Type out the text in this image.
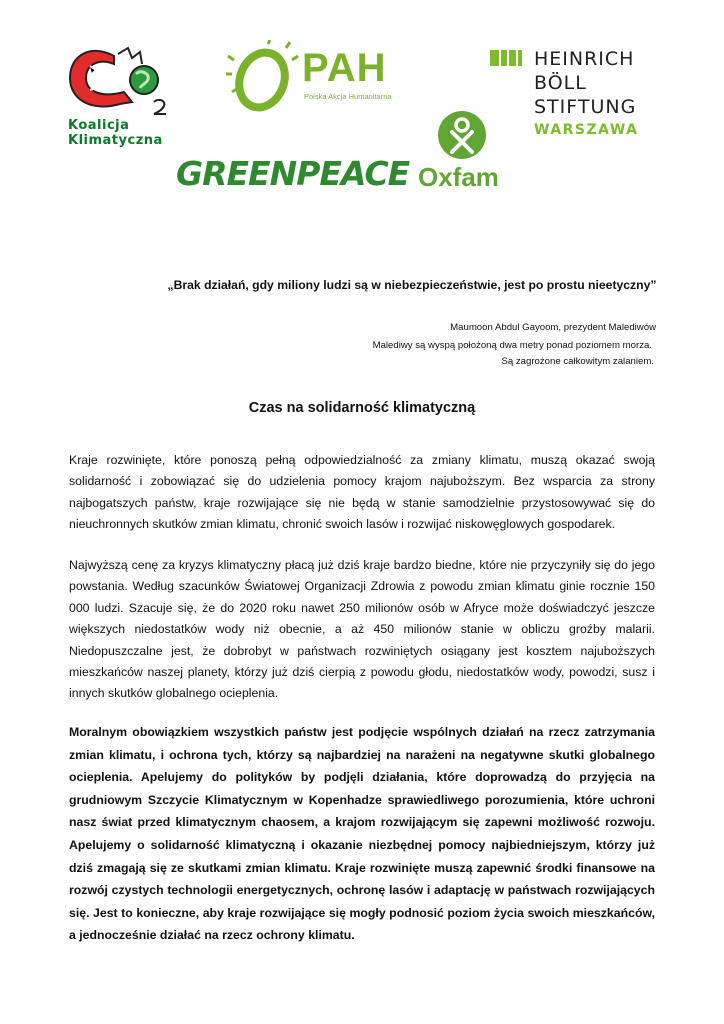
Koalicja Klimatyczna
PAH
Polska Akcja Humanitarna
HEINRICH
BÖLL
STIFTUNG
WARSZAWA
GREENPEACE Oxfam
„Brak działań, gdy miliony ludzi są w niebezpieczeństwie, jest po prostu nieetyczny”
Maumoon Abdul Gayoom, prezydent Malediwów
Malediwy są wyspą położoną dwa metry ponad poziomem morza.
Są zagrożone całkowitym zalaniem.
Czas na solidarność klimatyczną
Kraje rozwinięte, które ponoszą pełną odpowiedzialność za zmiany klimatu, muszą okazać swoją solidarność i zobowiązać się do udzielenia pomocy krajom najuboższym. Bez wsparcia za strony najbogatszych państw, kraje rozwijające się nie będą w stanie samodzielnie przystosowywać się do nieuchronnych skutków zmian klimatu, chronić swoich lasów i rozwijać niskowęglowych gospodarek.
Najwyższą cenę za kryzys klimatyczny płacą już dziś kraje bardzo biedne, które nie przyczyniły się do jego powstania. Według szacunków Światowej Organizacji Zdrowia z powodu zmian klimatu ginie rocznie 150 000 ludzi. Szacuje się, że do 2020 roku nawet 250 milionów osób w Afryce może doświadczyć jeszcze większych niedostatków wody niż obecnie, a aż 450 milionów stanie w obliczu groźby malarii. Niedopuszczalne jest, że dobrobyt w państwach rozwiniętych osiągany jest kosztem najuboższych mieszkańców naszej planety, którzy już dziś cierpią z powodu głodu, niedostatków wody, powodzi, susz i innych skutków globalnego ocieplenia.
Moralnym obowiązkiem wszystkich państw jest podjęcie wspólnych działań na rzecz zatrzymania zmian klimatu, i ochrona tych, którzy są najbardziej na narażeni na negatywne skutki globalnego ocieplenia. Apelujemy do polityków by podjęli działania, które doprowadzą do przyjęcia na grudniowym Szczycie Klimatycznym w Kopenhadze sprawiedliwego porozumienia, które uchroni nasz świat przed klimatycznym chaosem, a krajom rozwijającym się zapewni możliwość rozwoju. Apelujemy o solidarność klimatyczną i okazanie niezbędnej pomocy najbiedniejszym, którzy już dziś zmagają się ze skutkami zmian klimatu. Kraje rozwinięte muszą zapewnić środki finansowe na rozwój czystych technologii energetycznych, ochronę lasów i adaptację w państwach rozwijających się. Jest to konieczne, aby kraje rozwijające się mogły podnosić poziom życia swoich mieszkańców, a jednocześnie działać na rzecz ochrony klimatu.
